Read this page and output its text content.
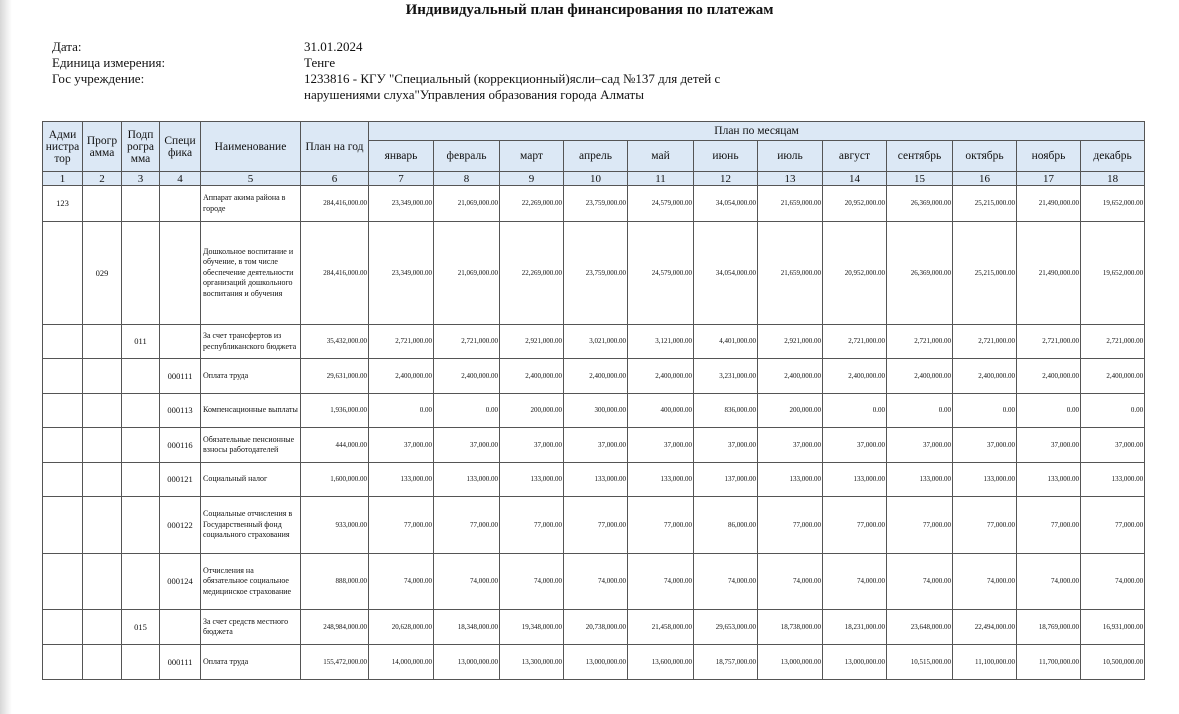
Индивидуальный план финансирования по платежам
Дата:	31.01.2024
Единица измерения:	Тенге
Гос учреждение:	1233816 - КГУ "Специальный (коррекционный)ясли–сад №137 для детей с нарушениями слуха"Управления образования города Алматы
Адми нистра тор	Прогр амма	Подп рогра мма	Специ фика	Наименование	План на год	План по месяцам											
						январь	февраль	март	апрель	май	июнь	июль	август	сентябрь	октябрь	ноябрь	декабрь
1	2	3	4	5	6	7	8	9	10	11	12	13	14	15	16	17	18
123				Аппарат акима района в городе	284,416,000.00	23,349,000.00	21,069,000.00	22,269,000.00	23,759,000.00	24,579,000.00	34,054,000.00	21,659,000.00	20,952,000.00	26,369,000.00	25,215,000.00	21,490,000.00	19,652,000.00
	029			Дошкольное воспитание и обучение, в том числе обеспечение деятельности организаций дошкольного воспитания и обучения	284,416,000.00	23,349,000.00	21,069,000.00	22,269,000.00	23,759,000.00	24,579,000.00	34,054,000.00	21,659,000.00	20,952,000.00	26,369,000.00	25,215,000.00	21,490,000.00	19,652,000.00
		011		За счет трансфертов из республиканского бюджета	35,432,000.00	2,721,000.00	2,721,000.00	2,921,000.00	3,021,000.00	3,121,000.00	4,401,000.00	2,921,000.00	2,721,000.00	2,721,000.00	2,721,000.00	2,721,000.00	2,721,000.00
			000111	Оплата труда	29,631,000.00	2,400,000.00	2,400,000.00	2,400,000.00	2,400,000.00	2,400,000.00	3,231,000.00	2,400,000.00	2,400,000.00	2,400,000.00	2,400,000.00	2,400,000.00	2,400,000.00
			000113	Компенсационные выплаты	1,936,000.00	0.00	0.00	200,000.00	300,000.00	400,000.00	836,000.00	200,000.00	0.00	0.00	0.00	0.00	0.00
			000116	Обязательные пенсионные взносы работодателей	444,000.00	37,000.00	37,000.00	37,000.00	37,000.00	37,000.00	37,000.00	37,000.00	37,000.00	37,000.00	37,000.00	37,000.00	37,000.00
			000121	Социальный налог	1,600,000.00	133,000.00	133,000.00	133,000.00	133,000.00	133,000.00	137,000.00	133,000.00	133,000.00	133,000.00	133,000.00	133,000.00	133,000.00
			000122	Социальные отчисления в Государственный фонд социального страхования	933,000.00	77,000.00	77,000.00	77,000.00	77,000.00	77,000.00	86,000.00	77,000.00	77,000.00	77,000.00	77,000.00	77,000.00	77,000.00
			000124	Отчисления на обязательное социальное медицинское страхование	888,000.00	74,000.00	74,000.00	74,000.00	74,000.00	74,000.00	74,000.00	74,000.00	74,000.00	74,000.00	74,000.00	74,000.00	74,000.00
		015		За счет средств местного бюджета	248,984,000.00	20,628,000.00	18,348,000.00	19,348,000.00	20,738,000.00	21,458,000.00	29,653,000.00	18,738,000.00	18,231,000.00	23,648,000.00	22,494,000.00	18,769,000.00	16,931,000.00
			000111	Оплата труда	155,472,000.00	14,000,000.00	13,000,000.00	13,300,000.00	13,000,000.00	13,600,000.00	18,757,000.00	13,000,000.00	13,000,000.00	10,515,000.00	11,100,000.00	11,700,000.00	10,500,000.00
